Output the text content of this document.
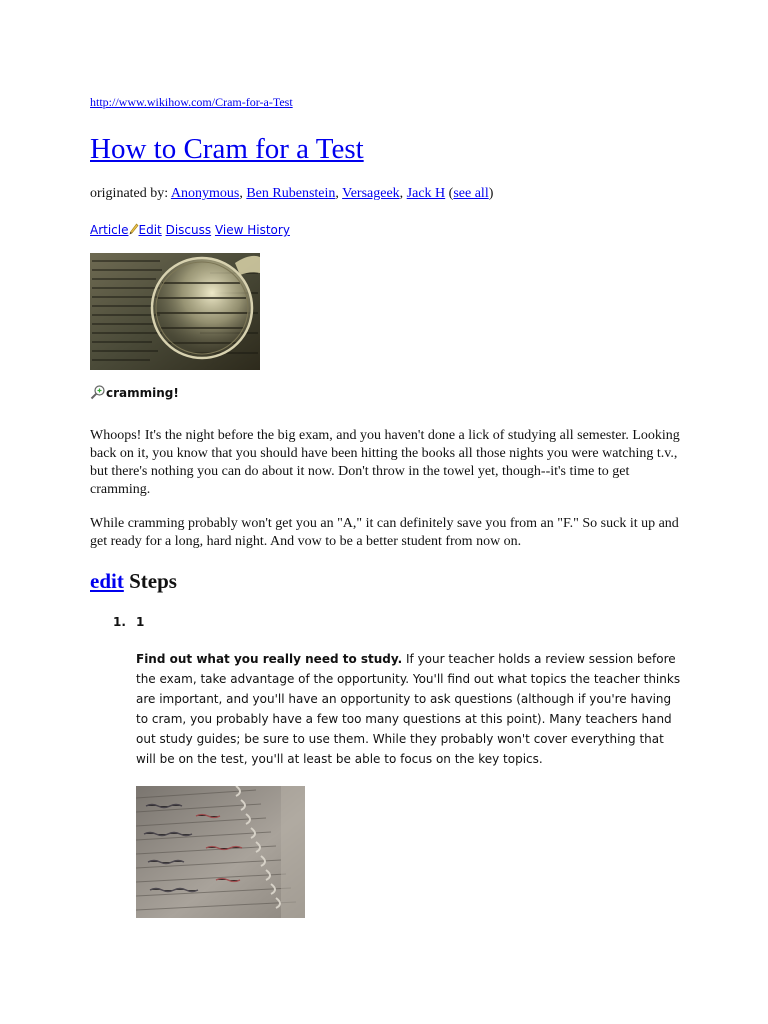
http://www.wikihow.com/Cram-for-a-Test
How to Cram for a Test
originated by: Anonymous, Ben Rubenstein, Versageek, Jack H (see all)
Article Edit Discuss View History
cramming!

Whoops! It's the night before the big exam, and you haven't done a lick of studying all semester. Looking back on it, you know that you should have been hitting the books all those nights you were watching t.v., but there's nothing you can do about it now. Don't throw in the towel yet, though--it's time to get cramming.

While cramming probably won't get you an "A," it can definitely save you from an "F." So suck it up and get ready for a long, hard night. And vow to be a better student from now on.

edit Steps
1. 1

Find out what you really need to study. If your teacher holds a review session before the exam, take advantage of the opportunity. You'll find out what topics the teacher thinks are important, and you'll have an opportunity to ask questions (although if you're having to cram, you probably have a few too many questions at this point). Many teachers hand out study guides; be sure to use them. While they probably won't cover everything that will be on the test, you'll at least be able to focus on the key topics.
